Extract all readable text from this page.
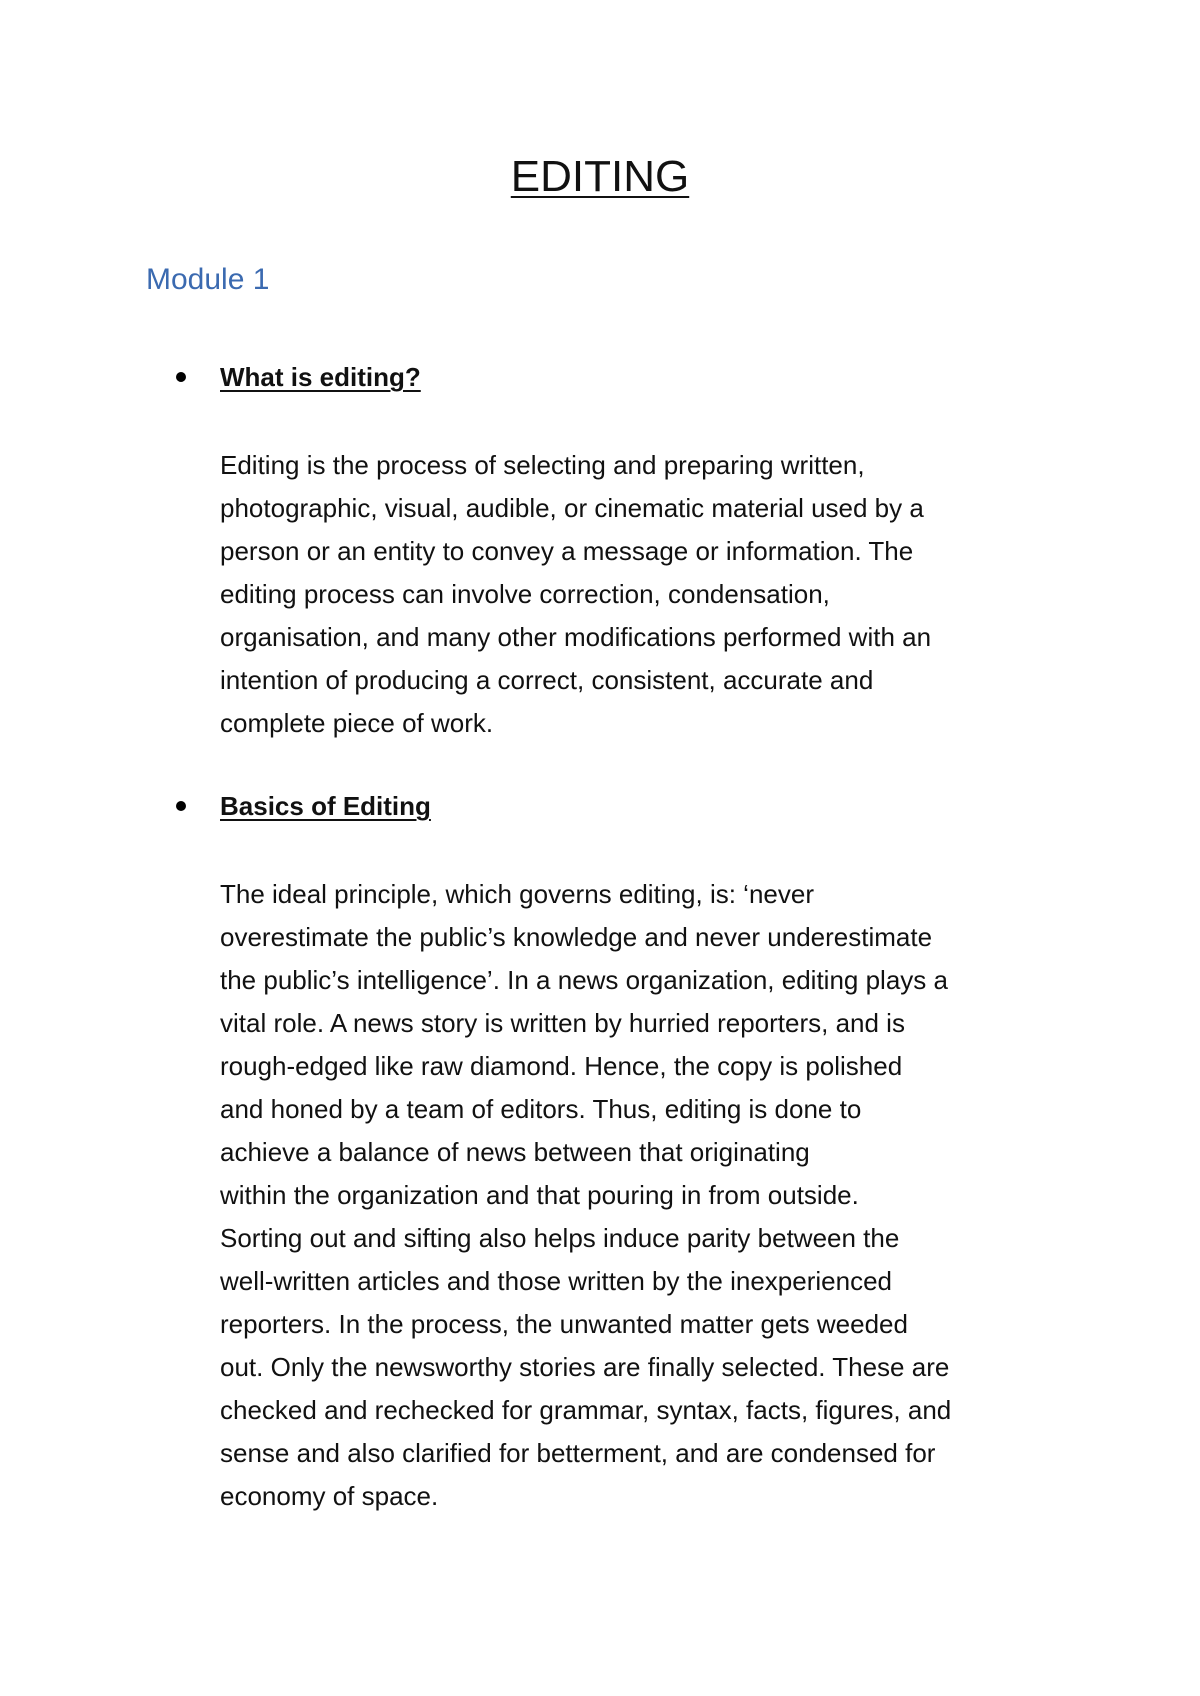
EDITING
Module 1
What is editing?
Editing is the process of selecting and preparing written,
photographic, visual, audible, or cinematic material used by a
person or an entity to convey a message or information. The
editing process can involve correction, condensation,
organisation, and many other modifications performed with an
intention of producing a correct, consistent, accurate and
complete piece of work.
Basics of Editing
The ideal principle, which governs editing, is: ‘never
overestimate the public’s knowledge and never underestimate
the public’s intelligence’. In a news organization, editing plays a
vital role. A news story is written by hurried reporters, and is
rough-edged like raw diamond. Hence, the copy is polished
and honed by a team of editors. Thus, editing is done to
achieve a balance of news between that originating
within the organization and that pouring in from outside.
Sorting out and sifting also helps induce parity between the
well-written articles and those written by the inexperienced
reporters. In the process, the unwanted matter gets weeded
out. Only the newsworthy stories are finally selected. These are
checked and rechecked for grammar, syntax, facts, figures, and
sense and also clarified for betterment, and are condensed for
economy of space.
